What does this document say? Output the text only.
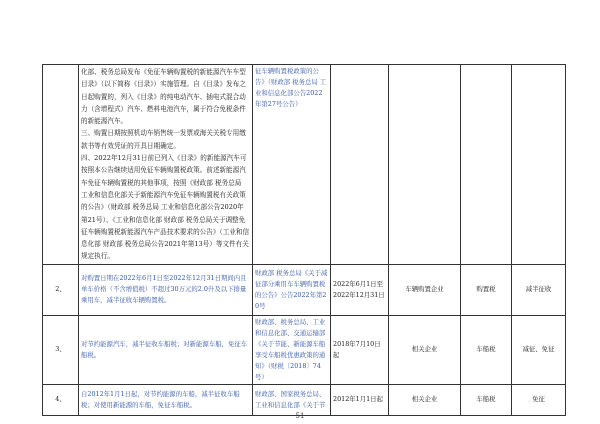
	化部、税务总局发布《免征车辆购置税的新能源汽车车型目录》（以下简称《目录》）实施管理。自《目录》发布之日起购置的，列入《目录》的纯电动汽车、插电式混合动力（含增程式）汽车、燃料电池汽车，属于符合免税条件的新能源汽车。
三、购置日期按照机动车销售统一发票或海关关税专用缴款书等有效凭证的开具日期确定。
四、2022年12月31日前已列入《目录》的新能源汽车可按照本公告继续适用免征车辆购置税政策。前述新能源汽车免征车辆购置税的其他事项，按照《财政部 税务总局 工业和信息化部关于新能源汽车免征车辆购置税有关政策的公告》（财政部 税务总局 工业和信息化部公告2020年第21号）、《工业和信息化部 财政部 税务总局关于调整免征车辆购置税新能源汽车产品技术要求的公告》（工业和信息化部 财政部 税务总局公告2021年第13号）等文件有关规定执行。	征车辆购置税政策的公告》（财政部 税务总局 工业和信息化部公告2022年第27号公告）				
2、	对购置日期在2022年6月1日至2022年12月31日期间内且单车价格（不含增值税）不超过30万元的2.0升及以下排量乘用车，减半征收车辆购置税。	财政部 税务总局《关于减征部分乘用车车辆购置税的公告》公告2022年第20号	2022年6月1日至2022年12月31日	车辆购置企业	购置税	减半征收
3、	对节约能源汽车，减半征收车船税；对新能源车船，免征车船税。	财政部、税务总局、工业和信息化部、交通运输部《关于节能、新能源车船享受车船税优惠政策的通知》（财税〔2018〕74号）	2018年7月10日起	相关企业	车船税	减征、免征
4、	自2012年1月1日起，对节约能源的车船，减半征收车船税；对使用新能源的车船，免征车船税。	财政部、国家税务总局、工业和信息化部《关于节	2012年1月1日起	相关企业	车船税	免征
51
